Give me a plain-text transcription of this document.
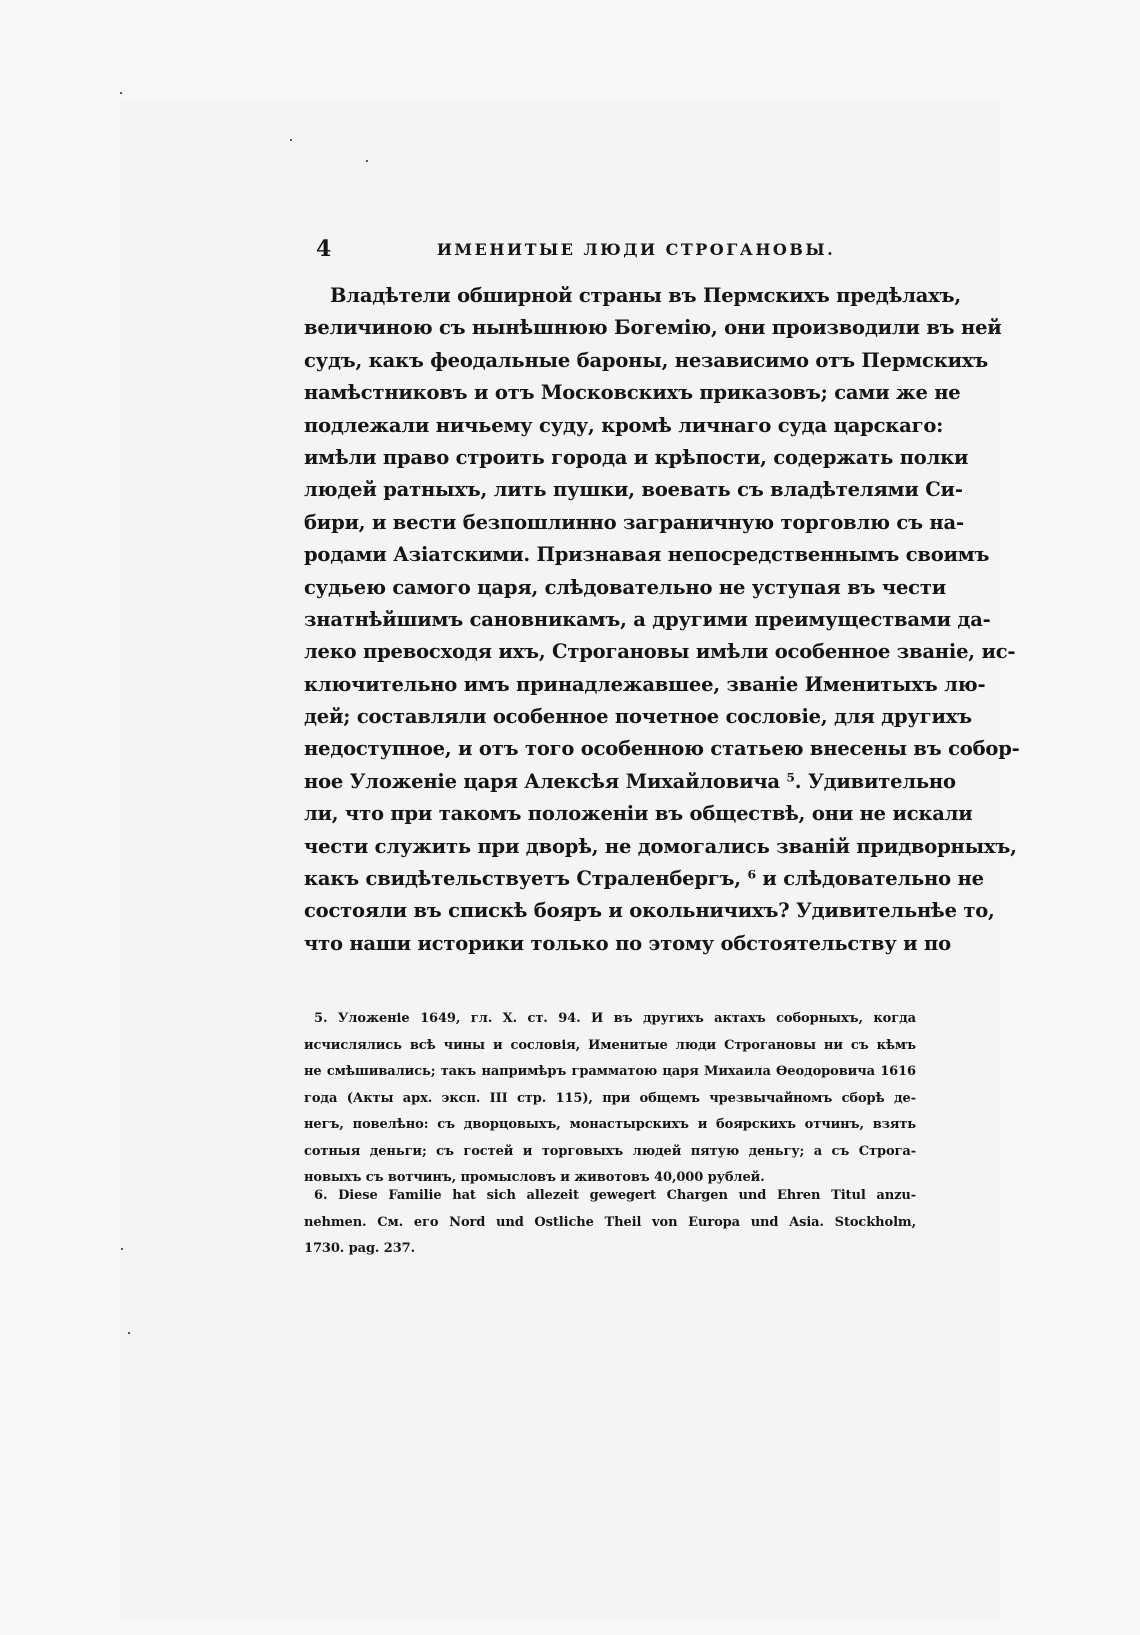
4	ИМЕНИТЫЕ ЛЮДИ СТРОГАНОВЫ.
Владѣтели обширной страны въ Пермскихъ предѣлахъ,
величиною съ нынѣшнюю Богемію, они производили въ ней
судъ, какъ феодальные бароны, независимо отъ Пермскихъ
намѣстниковъ и отъ Московскихъ приказовъ; сами же не
подлежали ничьему суду, кромѣ личнаго суда царскаго:
имѣли право строить города и крѣпости, содержать полки
людей ратныхъ, лить пушки, воевать съ владѣтелями Си-
бири, и вести безпошлинно заграничную торговлю съ на-
родами Азіатскими. Признавая непосредственнымъ своимъ
судьею самого царя, слѣдовательно не уступая въ чести
знатнѣйшимъ сановникамъ, а другими преимуществами да-
леко превосходя ихъ, Строгановы имѣли особенное званіе, ис-
ключительно имъ принадлежавшее, званіе Именитыхъ лю-
дей; составляли особенное почетное сословіе, для другихъ
недоступное, и отъ того особенною статьею внесены въ собор-
ное Уложеніе царя Алексѣя Михайловича ⁵. Удивительно
ли, что при такомъ положеніи въ обществѣ, они не искали
чести служить при дворѣ, не домогались званій придворныхъ,
какъ свидѣтельствуетъ Страленбергъ, ⁶ и слѣдовательно не
состояли въ спискѣ бояръ и окольничихъ? Удивительнѣе то,
что наши историки только по этому обстоятельству и по
5. Уложеніе 1649, гл. X. ст. 94. И въ другихъ актахъ соборныхъ, когда
исчислялись всѣ чины и сословія, Именитые люди Строгановы ни съ кѣмъ
не смѣшивались; такъ напримѣръ грамматою царя Михаила Ѳеодоровича 1616
года (Акты арх. эксп. III стр. 115), при общемъ чрезвычайномъ сборѣ де-
негъ, повелѣно: съ дворцовыхъ, монастырскихъ и боярскихъ отчинъ, взять
сотныя деньги; съ гостей и торговыхъ людей пятую деньгу; а съ Строга-
новыхъ съ вотчинъ, промысловъ и животовъ 40,000 рублей.
6. Diese Familie hat sich allezeit gewegert Chargen und Ehren Titul anzu-
nehmen. См. его Nord und Ostliche Theil von Europa und Asia. Stockholm,
1730. pag. 237.
